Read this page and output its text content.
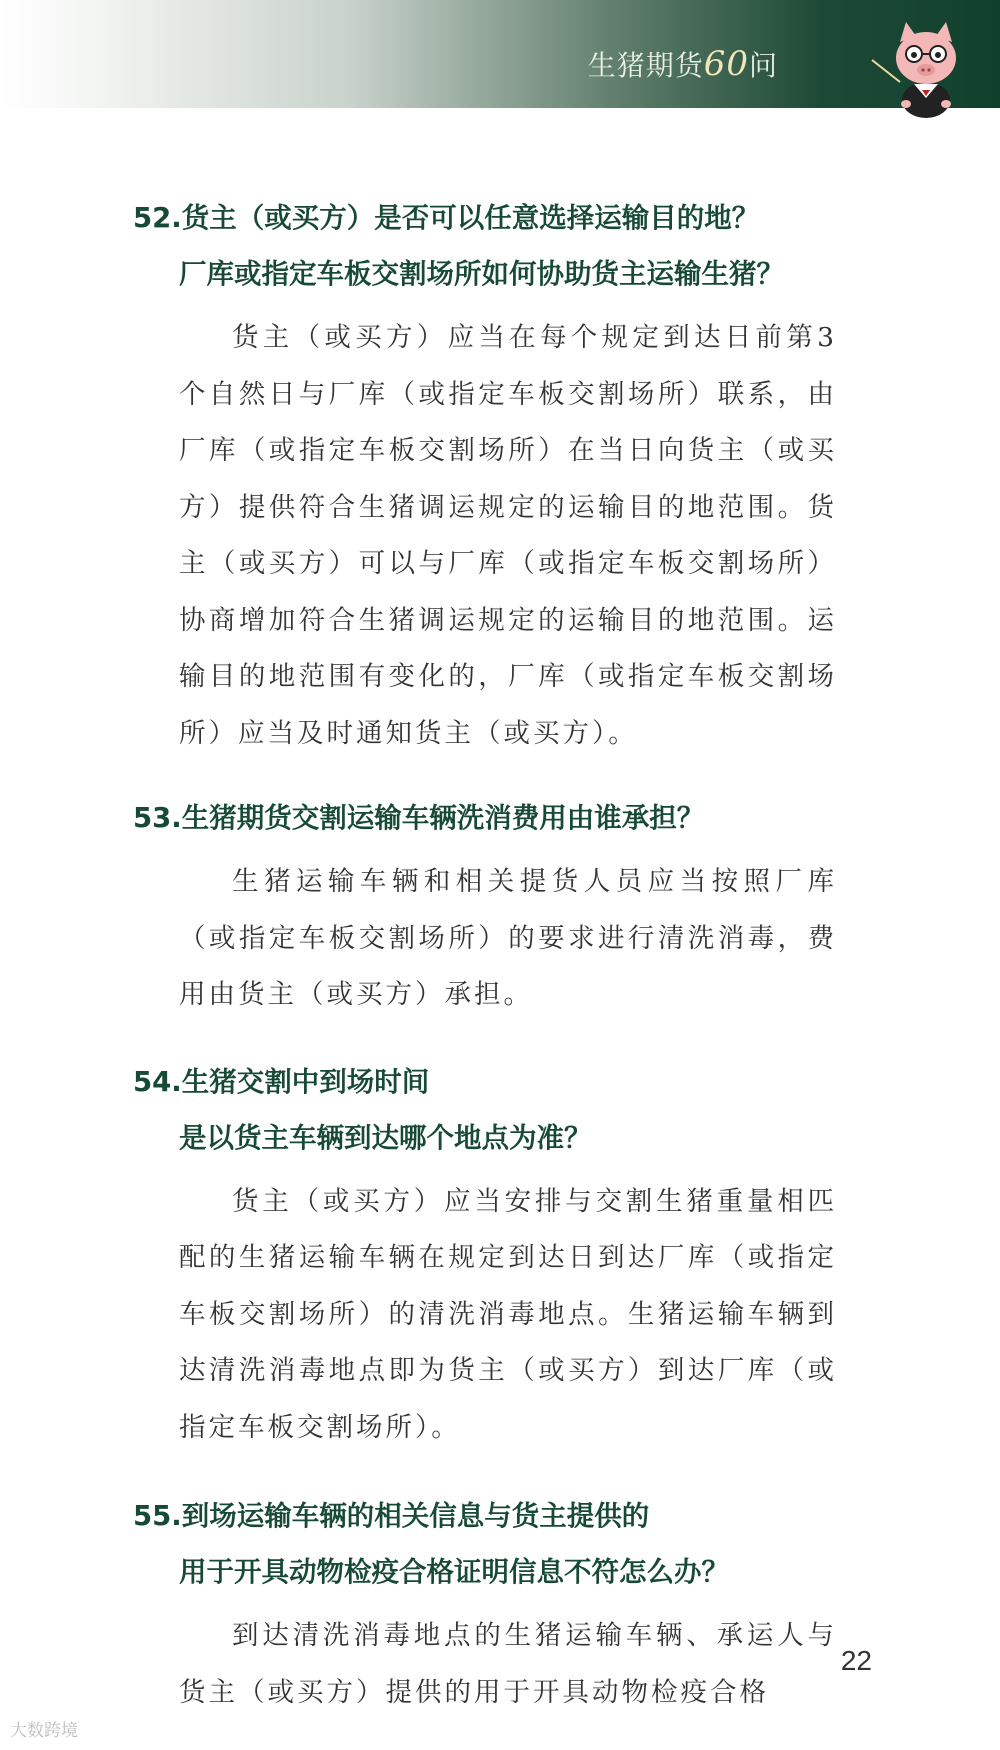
生猪期货60问
52.货主（或买方）是否可以任意选择运输目的地？
厂库或指定车板交割场所如何协助货主运输生猪？

货主（或买方）应当在每个规定到达日前第3个自然日与厂库（或指定车板交割场所）联系，由厂库（或指定车板交割场所）在当日向货主（或买方）提供符合生猪调运规定的运输目的地范围。货主（或买方）可以与厂库（或指定车板交割场所）协商增加符合生猪调运规定的运输目的地范围。运输目的地范围有变化的，厂库（或指定车板交割场所）应当及时通知货主（或买方）。

53.生猪期货交割运输车辆洗消费用由谁承担？

生猪运输车辆和相关提货人员应当按照厂库（或指定车板交割场所）的要求进行清洗消毒，费用由货主（或买方）承担。

54.生猪交割中到场时间
是以货主车辆到达哪个地点为准？

货主（或买方）应当安排与交割生猪重量相匹配的生猪运输车辆在规定到达日到达厂库（或指定车板交割场所）的清洗消毒地点。生猪运输车辆到达清洗消毒地点即为货主（或买方）到达厂库（或指定车板交割场所）。

55.到场运输车辆的相关信息与货主提供的
用于开具动物检疫合格证明信息不符怎么办？

到达清洗消毒地点的生猪运输车辆、承运人与货主（或买方）提供的用于开具动物检疫合格

22
大数跨境
